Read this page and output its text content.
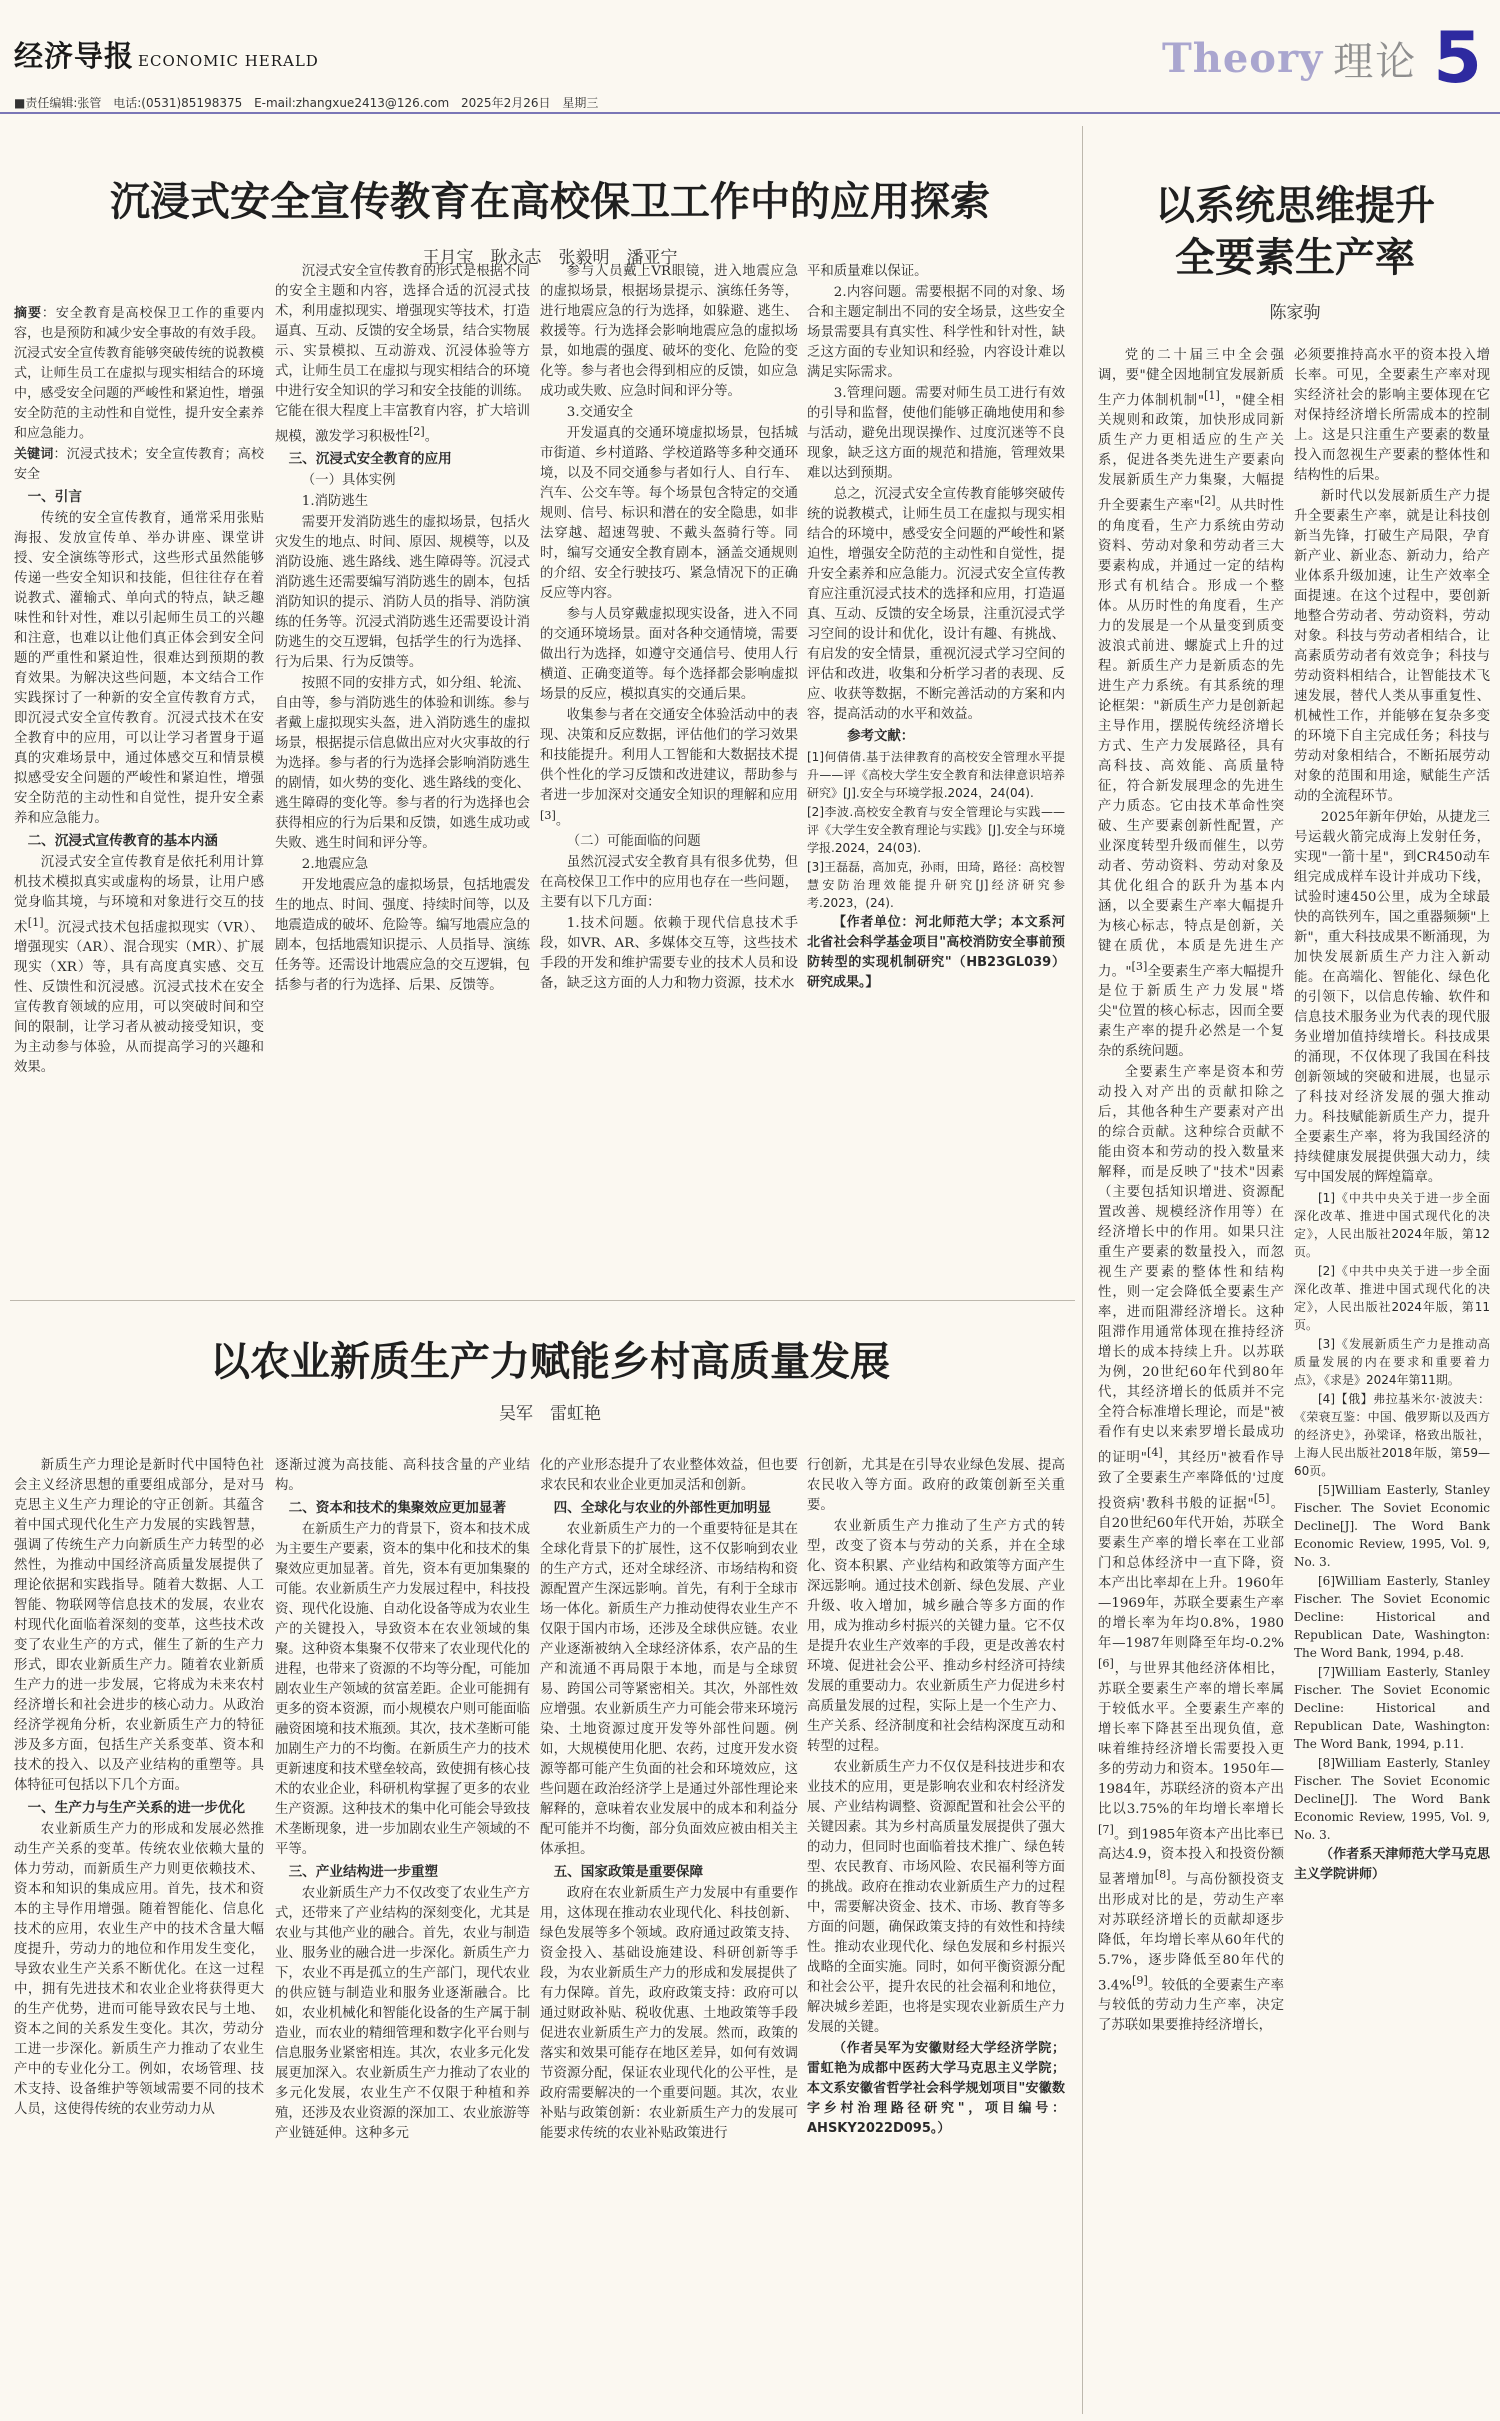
经济导报 ECONOMIC HERALD
■责任编辑:张管 电话:(0531)85198375 E-mail:zhangxue2413@126.com 2025年2月26日 星期三
Theory 理论 5
沉浸式安全宣传教育在高校保卫工作中的应用探索
王月宝　耿永志　张毅明　潘亚宁

摘要：安全教育是高校保卫工作的重要内容，也是预防和减少安全事故的有效手段。沉浸式安全宣传教育能够突破传统的说教模式，让师生员工在虚拟与现实相结合的环境中，感受安全问题的严峻性和紧迫性，增强安全防范的主动性和自觉性，提升安全素养和应急能力。

关键词：沉浸式技术；安全宣传教育；高校安全

　一、引言

传统的安全宣传教育，通常采用张贴海报、发放宣传单、举办讲座、课堂讲授、安全演练等形式，这些形式虽然能够传递一些安全知识和技能，但往往存在着说教式、灌输式、单向式的特点，缺乏趣味性和针对性，难以引起师生员工的兴趣和注意，也难以让他们真正体会到安全问题的严重性和紧迫性，很难达到预期的教育效果。为解决这些问题，本文结合工作实践探讨了一种新的安全宣传教育方式，即沉浸式安全宣传教育。沉浸式技术在安全教育中的应用，可以让学习者置身于逼真的灾难场景中，通过体感交互和情景模拟感受安全问题的严峻性和紧迫性，增强安全防范的主动性和自觉性，提升安全素养和应急能力。

　二、沉浸式宣传教育的基本内涵

沉浸式安全宣传教育是依托利用计算机技术模拟真实或虚构的场景，让用户感觉身临其境，与环境和对象进行交互的技术[1]。沉浸式技术包括虚拟现实（VR）、增强现实（AR）、混合现实（MR）、扩展现实（XR）等，具有高度真实感、交互性、反馈性和沉浸感。沉浸式技术在安全宣传教育领域的应用，可以突破时间和空间的限制，让学习者从被动接受知识，变为主动参与体验，从而提高学习的兴趣和效果。

沉浸式安全宣传教育的形式是根据不同的安全主题和内容，选择合适的沉浸式技术，利用虚拟现实、增强现实等技术，打造逼真、互动、反馈的安全场景，结合实物展示、实景模拟、互动游戏、沉浸体验等方式，让师生员工在虚拟与现实相结合的环境中进行安全知识的学习和安全技能的训练。它能在很大程度上丰富教育内容，扩大培训规模，激发学习积极性[2]。

　三、沉浸式安全教育的应用

（一）具体实例

1.消防逃生

需要开发消防逃生的虚拟场景，包括火灾发生的地点、时间、原因、规模等，以及消防设施、逃生路线、逃生障碍等。沉浸式消防逃生还需要编写消防逃生的剧本，包括消防知识的提示、消防人员的指导、消防演练的任务等。沉浸式消防逃生还需要设计消防逃生的交互逻辑，包括学生的行为选择、行为后果、行为反馈等。

按照不同的安排方式，如分组、轮流、自由等，参与消防逃生的体验和训练。参与者戴上虚拟现实头盔，进入消防逃生的虚拟场景，根据提示信息做出应对火灾事故的行为选择。参与者的行为选择会影响消防逃生的剧情，如火势的变化、逃生路线的变化、逃生障碍的变化等。参与者的行为选择也会获得相应的行为后果和反馈，如逃生成功或失败、逃生时间和评分等。

2.地震应急

开发地震应急的虚拟场景，包括地震发生的地点、时间、强度、持续时间等，以及地震造成的破坏、危险等。编写地震应急的剧本，包括地震知识提示、人员指导、演练任务等。还需设计地震应急的交互逻辑，包括参与者的行为选择、后果、反馈等。

参与人员戴上VR眼镜，进入地震应急的虚拟场景，根据场景提示、演练任务等，进行地震应急的行为选择，如躲避、逃生、救援等。行为选择会影响地震应急的虚拟场景，如地震的强度、破坏的变化、危险的变化等。参与者也会得到相应的反馈，如应急成功或失败、应急时间和评分等。

3.交通安全

开发逼真的交通环境虚拟场景，包括城市街道、乡村道路、学校道路等多种交通环境，以及不同交通参与者如行人、自行车、汽车、公交车等。每个场景包含特定的交通规则、信号、标识和潜在的安全隐患，如非法穿越、超速驾驶、不戴头盔骑行等。同时，编写交通安全教育剧本，涵盖交通规则的介绍、安全行驶技巧、紧急情况下的正确反应等内容。

参与人员穿戴虚拟现实设备，进入不同的交通环境场景。面对各种交通情境，需要做出行为选择，如遵守交通信号、使用人行横道、正确变道等。每个选择都会影响虚拟场景的反应，模拟真实的交通后果。

收集参与者在交通安全体验活动中的表现、决策和反应数据，评估他们的学习效果和技能提升。利用人工智能和大数据技术提供个性化的学习反馈和改进建议，帮助参与者进一步加深对交通安全知识的理解和应用[3]。

（二）可能面临的问题

虽然沉浸式安全教育具有很多优势，但在高校保卫工作中的应用也存在一些问题，主要有以下几方面：

1.技术问题。依赖于现代信息技术手段，如VR、AR、多媒体交互等，这些技术手段的开发和维护需要专业的技术人员和设备，缺乏这方面的人力和物力资源，技术水

平和质量难以保证。

2.内容问题。需要根据不同的对象、场合和主题定制出不同的安全场景，这些安全场景需要具有真实性、科学性和针对性，缺乏这方面的专业知识和经验，内容设计难以满足实际需求。

3.管理问题。需要对师生员工进行有效的引导和监督，使他们能够正确地使用和参与活动，避免出现误操作、过度沉迷等不良现象，缺乏这方面的规范和措施，管理效果难以达到预期。

总之，沉浸式安全宣传教育能够突破传统的说教模式，让师生员工在虚拟与现实相结合的环境中，感受安全问题的严峻性和紧迫性，增强安全防范的主动性和自觉性，提升安全素养和应急能力。沉浸式安全宣传教育应注重沉浸式技术的选择和应用，打造逼真、互动、反馈的安全场景，注重沉浸式学习空间的设计和优化，设计有趣、有挑战、有启发的安全情景，重视沉浸式学习空间的评估和改进，收集和分析学习者的表现、反应、收获等数据，不断完善活动的方案和内容，提高活动的水平和效益。

参考文献：

[1]何倩倩.基于法律教育的高校安全管理水平提升——评《高校大学生安全教育和法律意识培养研究》[J].安全与环境学报.2024，24(04).

[2]李波.高校安全教育与安全管理论与实践——评《大学生安全教育理论与实践》[J].安全与环境学报.2024，24(03).

[3]王磊磊，高加克，孙雨，田琦，路径：高校智慧安防治理效能提升研究[J]经济研究参考.2023，(24).

【作者单位：河北师范大学；本文系河北省社会科学基金项目"高校消防安全事前预防转型的实现机制研究"（HB23GL039）研究成果。】

以系统思维提升
全要素生产率
陈家驹

党的二十届三中全会强调，要"健全因地制宜发展新质生产力体制机制"[1]，"健全相关规则和政策，加快形成同新质生产力更相适应的生产关系，促进各类先进生产要素向发展新质生产力集聚，大幅提升全要素生产率"[2]。从共时性的角度看，生产力系统由劳动资料、劳动对象和劳动者三大要素构成，并通过一定的结构形式有机结合。形成一个整体。从历时性的角度看，生产力的发展是一个从量变到质变波浪式前进、螺旋式上升的过程。新质生产力是新质态的先进生产力系统。有其系统的理论框架："新质生产力是创新起主导作用，摆脱传统经济增长方式、生产力发展路径，具有高科技、高效能、高质量特征，符合新发展理念的先进生产力质态。它由技术革命性突破、生产要素创新性配置，产业深度转型升级而催生，以劳动者、劳动资料、劳动对象及其优化组合的跃升为基本内涵，以全要素生产率大幅提升为核心标志，特点是创新，关键在质优，本质是先进生产力。"[3]全要素生产率大幅提升是位于新质生产力发展"塔尖"位置的核心标志，因而全要素生产率的提升必然是一个复杂的系统问题。

全要素生产率是资本和劳动投入对产出的贡献扣除之后，其他各种生产要素对产出的综合贡献。这种综合贡献不能由资本和劳动的投入数量来解释，而是反映了"技术"因素（主要包括知识增进、资源配置改善、规模经济作用等）在经济增长中的作用。如果只注重生产要素的数量投入，而忽视生产要素的整体性和结构性，则一定会降低全要素生产率，进而阻滞经济增长。这种阻滞作用通常体现在推持经济增长的成本持续上升。以苏联为例，20世纪60年代到80年代，其经济增长的低质并不完全符合标准增长理论，而是"被看作有史以来索罗增长最成功的证明"[4]，其经历"被看作导致了全要素生产率降低的'过度投资病'教科书般的证据"[5]。自20世纪60年代开始，苏联全要素生产率的增长率在工业部门和总体经济中一直下降，资本产出比率却在上升。1960年—1969年，苏联全要素生产率的增长率为年均0.8%，1980年—1987年则降至年均-0.2%[6]，与世界其他经济体相比，苏联全要素生产率的增长率属于较低水平。全要素生产率的增长率下降甚至出现负值，意味着维持经济增长需要投入更多的劳动力和资本。1950年—1984年，苏联经济的资本产出比以3.75%的年均增长率增长[7]。到1985年资本产出比率已高达4.9，资本投入和投资份额显著增加[8]。与高份额投资支出形成对比的是，劳动生产率对苏联经济增长的贡献却逐步降低，年均增长率从60年代的5.7%，逐步降低至80年代的3.4%[9]。较低的全要素生产率与较低的劳动力生产率，决定了苏联如果要推持经济增长，

必须要推持高水平的资本投入增长率。可见，全要素生产率对现实经济社会的影响主要体现在它对保持经济增长所需成本的控制上。这是只注重生产要素的数量投入而忽视生产要素的整体性和结构性的后果。

新时代以发展新质生产力提升全要素生产率，就是让科技创新当先锋，打破生产局限，孕育新产业、新业态、新动力，给产业体系升级加速，让生产效率全面提速。在这个过程中，要创新地整合劳动者、劳动资料，劳动对象。科技与劳动者相结合，让高素质劳动者有效竞争；科技与劳动资料相结合，让智能技术飞速发展，替代人类从事重复性、机械性工作，并能够在复杂多变的环境下自主完成任务；科技与劳动对象相结合，不断拓展劳动对象的范围和用途，赋能生产活动的全流程环节。

2025年新年伊始，从捷龙三号运载火箭完成海上发射任务，实现"一箭十星"，到CR450动车组完成成样车设计并成功下线，试验时速450公里，成为全球最快的高铁列车，国之重器频频"上新"，重大科技成果不断涌现，为加快发展新质生产力注入新动能。在高端化、智能化、绿色化的引领下，以信息传输、软件和信息技术服务业为代表的现代服务业增加值持续增长。科技成果的涌现，不仅体现了我国在科技创新领域的突破和进展，也显示了科技对经济发展的强大推动力。科技赋能新质生产力，提升全要素生产率，将为我国经济的持续健康发展提供强大动力，续写中国发展的辉煌篇章。

[1]《中共中央关于进一步全面深化改革、推进中国式现代化的决定》，人民出版社2024年版，第12页。

[2]《中共中央关于进一步全面深化改革、推进中国式现代化的决定》，人民出版社2024年版，第11页。

[3]《发展新质生产力是推动高质量发展的内在要求和重要着力点》，《求是》2024年第11期。

[4]【俄】弗拉基米尔·波波夫：《荣衰互鉴：中国、俄罗斯以及西方的经济史》，孙梁译，格致出版社，上海人民出版社2018年版，第59—60页。

[5]William Easterly, Stanley Fischer. The Soviet Economic Decline[J]. The Word Bank Economic Review, 1995, Vol. 9, No. 3.

[6]William Easterly, Stanley Fischer. The Soviet Economic Decline: Historical and Republican Date, Washington: The Word Bank, 1994, p.48.

[7]William Easterly, Stanley Fischer. The Soviet Economic Decline: Historical and Republican Date, Washington: The Word Bank, 1994, p.11.

[8]William Easterly, Stanley Fischer. The Soviet Economic Decline[J]. The Word Bank Economic Review, 1995, Vol. 9, No. 3.

（作者系天津师范大学马克思主义学院讲师）

以农业新质生产力赋能乡村高质量发展
吴军　雷虹艳

新质生产力理论是新时代中国特色社会主义经济思想的重要组成部分，是对马克思主义生产力理论的守正创新。其蕴含着中国式现代化生产力发展的实践智慧，强调了传统生产力向新质生产力转型的必然性，为推动中国经济高质量发展提供了理论依据和实践指导。随着大数据、人工智能、物联网等信息技术的发展，农业农村现代化面临着深刻的变革，这些技术改变了农业生产的方式，催生了新的生产力形式，即农业新质生产力。随着农业新质生产力的进一步发展，它将成为未来农村经济增长和社会进步的核心动力。从政治经济学视角分析，农业新质生产力的特征涉及多方面，包括生产关系变革、资本和技术的投入、以及产业结构的重塑等。具体特征可包括以下几个方面。

　一、生产力与生产关系的进一步优化

农业新质生产力的形成和发展必然推动生产关系的变革。传统农业依赖大量的体力劳动，而新质生产力则更依赖技术、资本和知识的集成应用。首先，技术和资本的主导作用增强。随着智能化、信息化技术的应用，农业生产中的技术含量大幅度提升，劳动力的地位和作用发生变化，导致农业生产关系不断优化。在这一过程中，拥有先进技术和农业企业将获得更大的生产优势，进而可能导致农民与土地、资本之间的关系发生变化。其次，劳动分工进一步深化。新质生产力推动了农业生产中的专业化分工。例如，农场管理、技术支持、设备维护等领域需要不同的技术人员，这使得传统的农业劳动力从

逐渐过渡为高技能、高科技含量的产业结构。

　二、资本和技术的集聚效应更加显著

在新质生产力的背景下，资本和技术成为主要生产要素，资本的集中化和技术的集聚效应更加显著。首先，资本有更加集聚的可能。农业新质生产力发展过程中，科技投资、现代化设施、自动化设备等成为农业生产的关键投入，导致资本在农业领域的集聚。这种资本集聚不仅带来了农业现代化的进程，也带来了资源的不均等分配，可能加剧农业生产领域的贫富差距。企业可能拥有更多的资本资源，而小规模农户则可能面临融资困境和技术瓶颈。其次，技术垄断可能加剧生产力的不均衡。在新质生产力的技术更新速度和技术壁垒较高，致使拥有核心技术的农业企业，科研机构掌握了更多的农业生产资源。这种技术的集中化可能会导致技术垄断现象，进一步加剧农业生产领域的不平等。

　三、产业结构进一步重塑

农业新质生产力不仅改变了农业生产方式，还带来了产业结构的深刻变化，尤其是农业与其他产业的融合。首先，农业与制造业、服务业的融合进一步深化。新质生产力下，农业不再是孤立的生产部门，现代农业的供应链与制造业和服务业逐渐融合。比如，农业机械化和智能化设备的生产属于制造业，而农业的精细管理和数字化平台则与信息服务业紧密相连。其次，农业多元化发展更加深入。农业新质生产力推动了农业的多元化发展，农业生产不仅限于种植和养殖，还涉及农业资源的深加工、农业旅游等产业链延伸。这种多元

化的产业形态提升了农业整体效益，但也要求农民和农业企业更加灵活和创新。

　四、全球化与农业的外部性更加明显

农业新质生产力的一个重要特征是其在全球化背景下的扩展性，这不仅影响到农业的生产方式，还对全球经济、市场结构和资源配置产生深远影响。首先，有利于全球市场一体化。新质生产力推动使得农业生产不仅限于国内市场，还涉及全球供应链。农业产业逐渐被纳入全球经济体系，农产品的生产和流通不再局限于本地，而是与全球贸易、跨国公司等紧密相关。其次，外部性效应增强。农业新质生产力可能会带来环境污染、土地资源过度开发等外部性问题。例如，大规模使用化肥、农药，过度开发水资源等都可能产生负面的社会和环境效应，这些问题在政治经济学上是通过外部性理论来解释的，意味着农业发展中的成本和利益分配可能并不均衡，部分负面效应被由相关主体承担。

　五、国家政策是重要保障

政府在农业新质生产力发展中有重要作用，这体现在推动农业现代化、科技创新、绿色发展等多个领域。政府通过政策支持、资金投入、基础设施建设、科研创新等手段，为农业新质生产力的形成和发展提供了有力保障。首先，政府政策支持：政府可以通过财政补贴、税收优惠、土地政策等手段促进农业新质生产力的发展。然而，政策的落实和效果可能存在地区差异，如何有效调节资源分配，保证农业现代化的公平性，是政府需要解决的一个重要问题。其次，农业补贴与政策创新：农业新质生产力的发展可能要求传统的农业补贴政策进行

行创新，尤其是在引导农业绿色发展、提高农民收入等方面。政府的政策创新至关重要。

农业新质生产力推动了生产方式的转型，改变了资本与劳动的关系，并在全球化、资本积累、产业结构和政策等方面产生深远影响。通过技术创新、绿色发展、产业升级、收入增加，城乡融合等多方面的作用，成为推动乡村振兴的关键力量。它不仅是提升农业生产效率的手段，更是改善农村环境、促进社会公平、推动乡村经济可持续发展的重要动力。农业新质生产力促进乡村高质量发展的过程，实际上是一个生产力、生产关系、经济制度和社会结构深度互动和转型的过程。

农业新质生产力不仅仅是科技进步和农业技术的应用，更是影响农业和农村经济发展、产业结构调整、资源配置和社会公平的关键因素。其为乡村高质量发展提供了强大的动力，但同时也面临着技术推广、绿色转型、农民教育、市场风险、农民福利等方面的挑战。政府在推动农业新质生产力的过程中，需要解决资金、技术、市场、教育等多方面的问题，确保政策支持的有效性和持续性。推动农业现代化、绿色发展和乡村振兴战略的全面实施。同时，如何平衡资源分配和社会公平，提升农民的社会福利和地位，解决城乡差距，也将是实现农业新质生产力发展的关键。

（作者吴军为安徽财经大学经济学院；雷虹艳为成都中医药大学马克思主义学院；本文系安徽省哲学社会科学规划项目"安徽数字乡村治理路径研究"，项目编号：AHSKY2022D095。）
